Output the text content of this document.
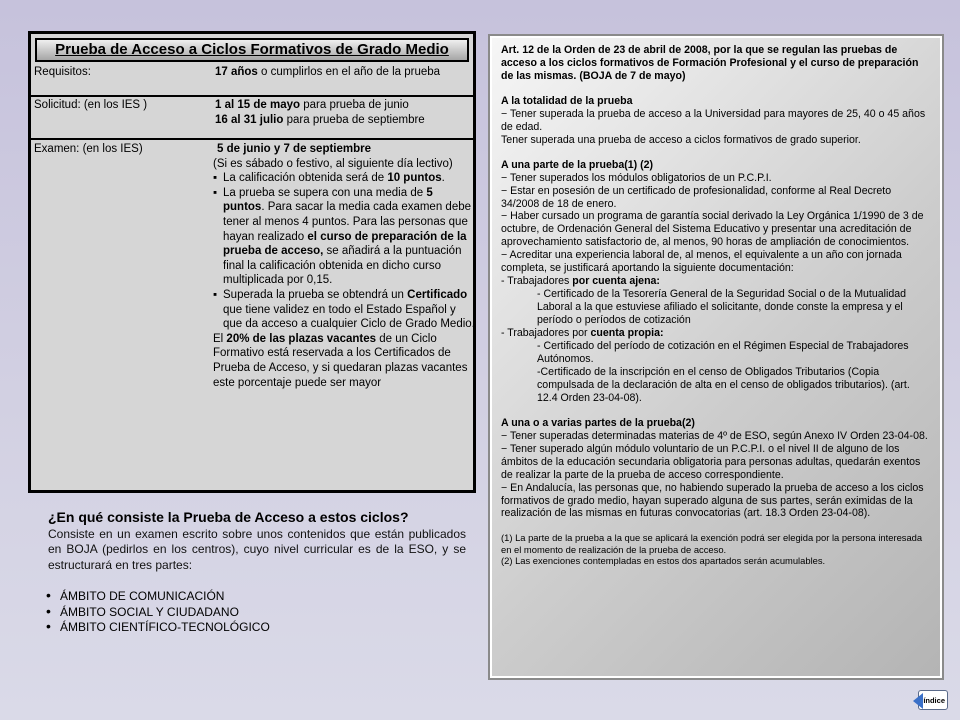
Prueba de Acceso a Ciclos Formativos de Grado Medio
Requisitos:	17 años o cumplirlos en el año de la prueba
Solicitud: (en los IES )	1 al 15 de mayo para prueba de junio
16 al 31 julio para prueba de septiembre
Examen: (en los IES)	5 de junio y 7 de septiembre
(Si es sábado o festivo, al siguiente día lectivo)
▪ La calificación obtenida será de 10 puntos.
▪ La prueba se supera con una media de 5 puntos. Para sacar la media cada examen debe tener al menos 4 puntos. Para las personas que hayan realizado el curso de preparación de la prueba de acceso, se añadirá a la puntuación final la calificación obtenida en dicho curso multiplicada por 0,15.
▪ Superada la prueba se obtendrá un Certificado que tiene validez en todo el Estado Español y que da acceso a cualquier Ciclo de Grado Medio.
El 20% de las plazas vacantes de un Ciclo Formativo está reservada a los Certificados de Prueba de Acceso, y si quedaran plazas vacantes este porcentaje puede ser mayor
¿En qué consiste la Prueba de Acceso a estos ciclos?
Consiste en un examen escrito sobre unos contenidos que están publicados en BOJA (pedirlos en los centros), cuyo nivel curricular es de la ESO, y se estructurará en tres partes:
• ÁMBITO DE COMUNICACIÓN
• ÁMBITO SOCIAL Y CIUDADANO
• ÁMBITO CIENTÍFICO-TECNOLÓGICO

Art. 12 de la Orden de 23 de abril de 2008, por la que se regulan las pruebas de acceso a los ciclos formativos de Formación Profesional y el curso de preparación de las mismas. (BOJA de 7 de mayo)

A la totalidad de la prueba

− Tener superada la prueba de acceso a la Universidad para mayores de 25, 40 o 45 años de edad.

Tener superada una prueba de acceso a ciclos formativos de grado superior.

A una parte de la prueba(1) (2)

− Tener superados los módulos obligatorios de un P.C.P.I.

− Estar en posesión de un certificado de profesionalidad, conforme al Real Decreto 34/2008 de 18 de enero.

− Haber cursado un programa de garantía social derivado la Ley Orgánica 1/1990 de 3 de octubre, de Ordenación General del Sistema Educativo y presentar una acreditación de aprovechamiento satisfactorio de, al menos, 90 horas de ampliación de conocimientos.

− Acreditar una experiencia laboral de, al menos, el equivalente a un año con jornada completa, se justificará aportando la siguiente documentación:

- Trabajadores por cuenta ajena:

- Certificado de la Tesorería General de la Seguridad Social o de la Mutualidad Laboral a la que estuviese afiliado el solicitante, donde conste la empresa y el período o períodos de cotización

- Trabajadores por cuenta propia:

- Certificado del período de cotización en el Régimen Especial de Trabajadores Autónomos.

-Certificado de la inscripción en el censo de Obligados Tributarios (Copia compulsada de la declaración de alta en el censo de obligados tributarios). (art. 12.4 Orden 23-04-08).

A una o a varias partes de la prueba(2)

− Tener superadas determinadas materias de 4º de ESO, según Anexo IV Orden 23-04-08.

− Tener superado algún módulo voluntario de un P.C.P.I. o el nivel II de alguno de los ámbitos de la educación secundaria obligatoria para personas adultas, quedarán exentos de realizar la parte de la prueba de acceso correspondiente.

− En Andalucía, las personas que, no habiendo superado la prueba de acceso a los ciclos formativos de grado medio, hayan superado alguna de sus partes, serán eximidas de la realización de las mismas en futuras convocatorias (art. 18.3 Orden 23-04-08).

(1) La parte de la prueba a la que se aplicará la exención podrá ser elegida por la persona interesada en el momento de realización de la prueba de acceso.

(2) Las exenciones contempladas en estos dos apartados serán acumulables.

índice
